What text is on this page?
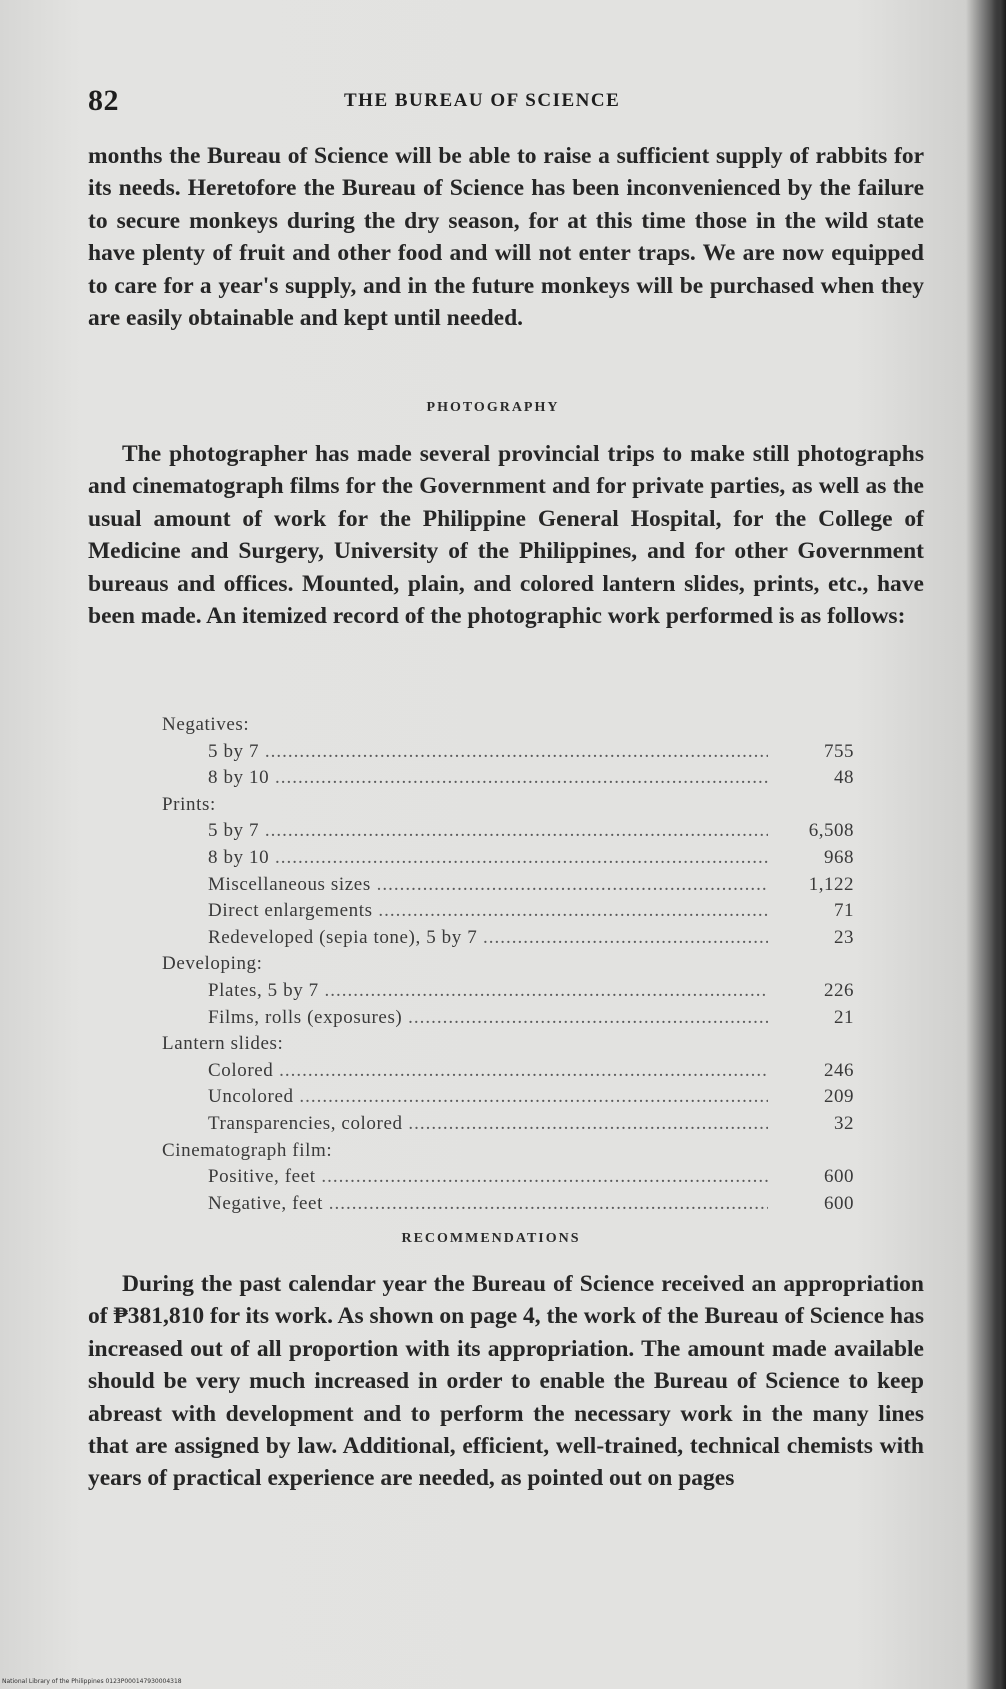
82	THE BUREAU OF SCIENCE
months the Bureau of Science will be able to raise a sufficient supply of rabbits for its needs. Heretofore the Bureau of Science has been inconvenienced by the failure to secure monkeys during the dry season, for at this time those in the wild state have plenty of fruit and other food and will not enter traps. We are now equipped to care for a year's supply, and in the future monkeys will be purchased when they are easily obtainable and kept until needed.
PHOTOGRAPHY
The photographer has made several provincial trips to make still photographs and cinematograph films for the Government and for private parties, as well as the usual amount of work for the Philippine General Hospital, for the College of Medicine and Surgery, University of the Philippines, and for other Government bureaus and offices. Mounted, plain, and colored lantern slides, prints, etc., have been made. An itemized record of the photographic work performed is as follows:
Negatives:
5 by 7 .....	755
8 by 10 .....	48
Prints:
5 by 7 .....	6,508
8 by 10 .....	968
Miscellaneous sizes .....	1,122
Direct enlargements .....	71
Redeveloped (sepia tone), 5 by 7 .....	23
Developing:
Plates, 5 by 7 .....	226
Films, rolls (exposures) .....	21
Lantern slides:
Colored .....	246
Uncolored .....	209
Transparencies, colored .....	32
Cinematograph film:
Positive, feet .....	600
Negative, feet .....	600
RECOMMENDATIONS
During the past calendar year the Bureau of Science received an appropriation of ₱381,810 for its work. As shown on page 4, the work of the Bureau of Science has increased out of all proportion with its appropriation. The amount made available should be very much increased in order to enable the Bureau of Science to keep abreast with development and to perform the necessary work in the many lines that are assigned by law. Additional, efficient, well-trained, technical chemists with years of practical experience are needed, as pointed out on pages
National Library of the Philippines 0123P000147930004318
